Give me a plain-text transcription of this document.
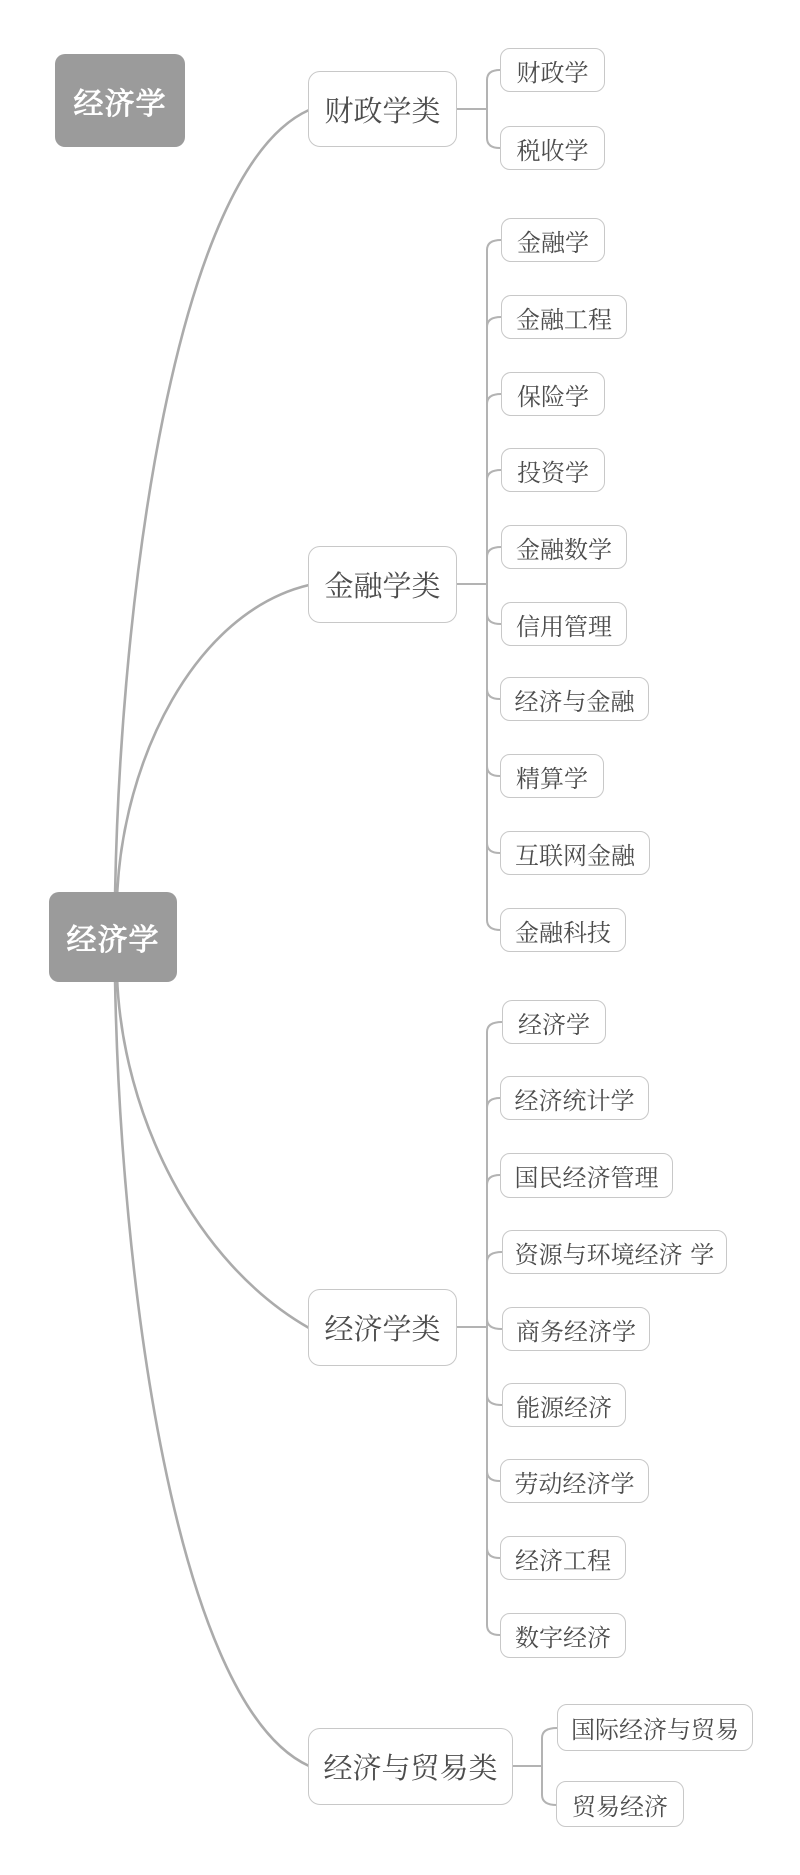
经济学
经济学
财政学类
金融学类
经济学类
经济与贸易类
财政学
税收学
金融学
金融工程
保险学
投资学
金融数学
信用管理
经济与金融
精算学
互联网金融
金融科技
经济学
经济统计学
国民经济管理
资源与环境经济 学
商务经济学
能源经济
劳动经济学
经济工程
数字经济
国际经济与贸易
贸易经济
